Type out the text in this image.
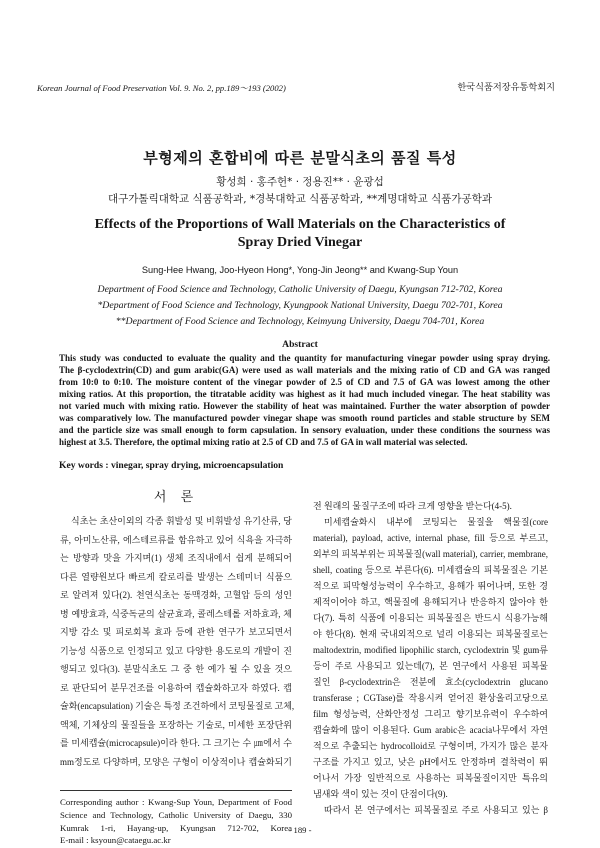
Korean Journal of Food Preservation Vol. 9. No. 2, pp.189～193 (2002)	한국식품저장유통학회지
부형제의 혼합비에 따른 분말식초의 품질 특성
황성희 · 홍주헌* · 정용진** · 윤광섭
대구가톨릭대학교 식품공학과, *경북대학교 식품공학과, **계명대학교 식품가공학과
Effects of the Proportions of Wall Materials on the Characteristics of
Spray Dried Vinegar
Sung-Hee Hwang, Joo-Hyeon Hong*, Yong-Jin Jeong** and Kwang-Sup Youn
Department of Food Science and Technology, Catholic University of Daegu, Kyungsan 712-702, Korea
*Department of Food Science and Technology, Kyungpook National University, Daegu 702-701, Korea
**Department of Food Science and Technology, Keimyung University, Daegu 704-701, Korea
Abstract
This study was conducted to evaluate the quality and the quantity for manufacturing vinegar powder using spray drying.
The β-cyclodextrin(CD) and gum arabic(GA) were used as wall materials and the mixing ratio of CD and GA was ranged
from 10:0 to 0:10. The moisture content of the vinegar powder of 2.5 of CD and 7.5 of GA was lowest among the other
mixing ratios. At this proportion, the titratable acidity was highest as it had much included vinegar. The heat stability was
not varied much with mixing ratio. However the stability of heat was maintained. Further the water absorption of powder
was comparatively low. The manufactured powder vinegar shape was smooth round particles and stable structure by SEM
and the particle size was small enough to form capsulation. In sensory evaluation, under these conditions the sourness was
highest at 3.5. Therefore, the optimal mixing ratio at 2.5 of CD and 7.5 of GA in wall material was selected.
Key words : vinegar, spray drying, microencapsulation
서 론
식초는 초산이외의 각종 휘발성 및 비휘발성 유기산류, 당
류, 아미노산류, 에스테르류를 함유하고 있어 식욕을 자극하
는 방향과 맛을 가지며(1) 생체 조직내에서 쉽게 분해되어
다른 열량원보다 빠르게 칼로리를 발생는 스테미너 식품으
로 알려져 있다(2). 천연식초는 동맥경화, 고혈압 등의 성인
병 예방효과, 식중독균의 살균효과, 콜레스테롤 저하효과, 체
지방 감소 및 피로회복 효과 등에 관한 연구가 보고되면서
기능성 식품으로 인정되고 있고 다양한 용도로의 개발이 진
행되고 있다(3). 분말식초도 그 중 한 예가 될 수 있을 것으
로 판단되어 분무건조를 이용하여 캡슐화하고자 하였다. 캡
슐화(encapsulation) 기술은 특정 조건하에서 코팅물질로 고체,
액체, 기체상의 물질들을 포장하는 기술로, 미세한 포장단위
를 미세캡슐(microcapsule)이라 한다. 그 크기는 수 ㎛에서 수
mm정도로 다양하며, 모양은 구형이 이상적이나 캡슐화되기
전 원래의 물질구조에 따라 크게 영향을 받는다(4-5).
미세캡슐화시 내부에 코팅되는 물질을 핵물질(core
material), payload, active, internal phase, fill 등으로 부르고,
외부의 피복부위는 피복물질(wall material), carrier, membrane,
shell, coating 등으로 부른다(6). 미세캡슐의 피복물질은 기본
적으로 피막형성능력이 우수하고, 용해가 뛰어나며, 또한 경
제적이어야 하고, 핵물질에 용해되거나 반응하지 않아야 한
다(7). 특히 식품에 이용되는 피복물질은 반드시 식용가능해
야 한다(8). 현재 국내외적으로 널리 이용되는 피복물질로는
maltodextrin, modified lipophilic starch, cyclodextrin 및 gum류
등이 주로 사용되고 있는데(7), 본 연구에서 사용된 피복물
질인 β-cyclodextrin은 전분에 효소(cyclodextrin glucano
transferase ; CGTase)를 작용시켜 얻어진 환상올리고당으로
film 형성능력, 산화안정성 그리고 향기보유력이 우수하여
캡슐화에 많이 이용된다. Gum arabic은 acacia나무에서 자연
적으로 추출되는 hydrocolloid로 구형이며, 가지가 많은 분자
구조를 가지고 있고, 낮은 pH에서도 안정하며 결착력이 뛰
어나서 가장 일반적으로 사용하는 피복물질이지만 특유의
냄새와 색이 있는 것이 단점이다(9).
따라서 본 연구에서는 피복물질로 주로 사용되고 있는 β
Corresponding author : Kwang-Sup Youn, Department of Food
Science and Technology, Catholic University of Daegu, 330
Kumrak 1-ri, Hayang-up, Kyungsan 712-702, Korea
E-mail : ksyoun@cataegu.ac.kr
- 189 -
